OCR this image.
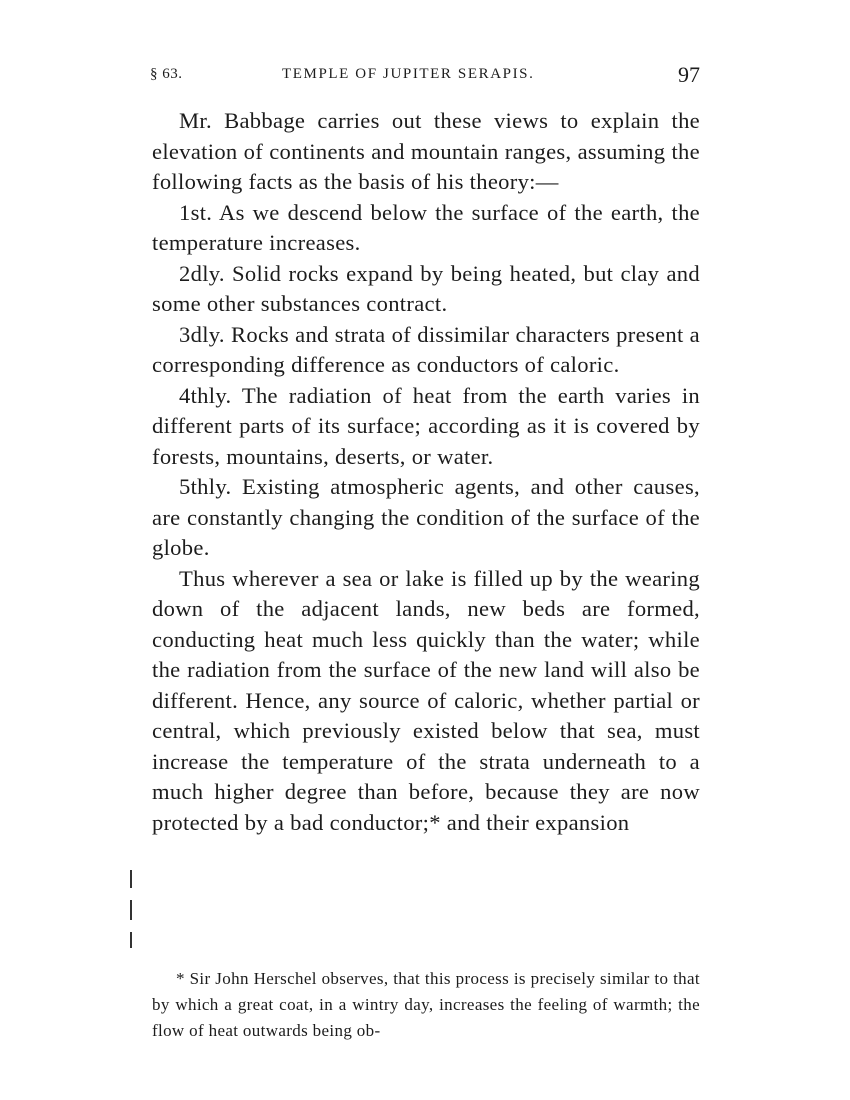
§ 63.	TEMPLE OF JUPITER SERAPIS.	97

Mr. Babbage carries out these views to explain the elevation of continents and mountain ranges, assuming the following facts as the basis of his theory:—

1st. As we descend below the surface of the earth, the temperature increases.

2dly. Solid rocks expand by being heated, but clay and some other substances contract.

3dly. Rocks and strata of dissimilar characters present a corresponding difference as conductors of caloric.

4thly. The radiation of heat from the earth varies in different parts of its surface; according as it is covered by forests, mountains, deserts, or water.

5thly. Existing atmospheric agents, and other causes, are constantly changing the condition of the surface of the globe.

Thus wherever a sea or lake is filled up by the wearing down of the adjacent lands, new beds are formed, conducting heat much less quickly than the water; while the radiation from the surface of the new land will also be different. Hence, any source of caloric, whether partial or central, which previously existed below that sea, must increase the temperature of the strata underneath to a much higher degree than before, because they are now protected by a bad conductor;* and their expansion

* Sir John Herschel observes, that this process is precisely similar to that by which a great coat, in a wintry day, increases the feeling of warmth; the flow of heat outwards being ob-
